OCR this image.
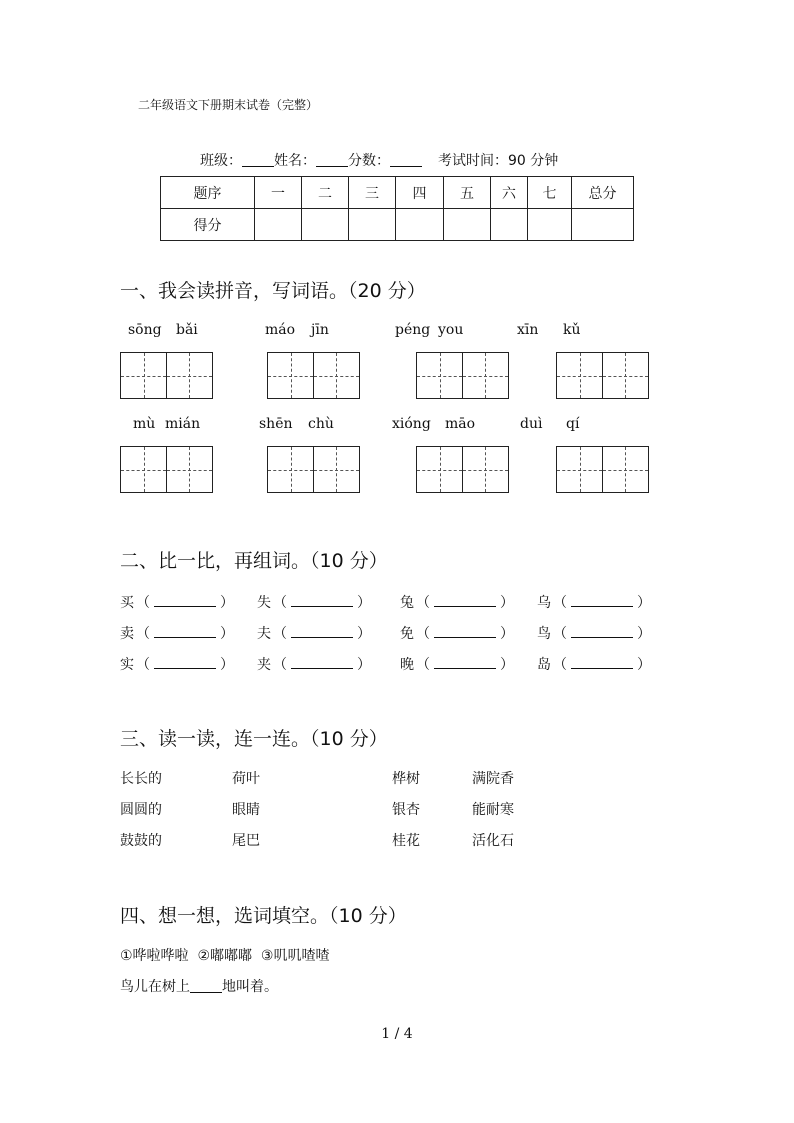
二年级语文下册期末试卷（完整）
班级： 姓名： 分数：	考试时间：90 分钟
题序	一	二	三	四	五	六	七	总分
得分								
一、我会读拼音，写词语。（20 分）
sōng bǎi	máo jīn	péng you	xīn kǔ
mù mián	shēn chù	xióng māo	duì qí
二、比一比，再组词。（10 分）
买 （	） 失 （	） 兔 （	） 乌 （	）
卖 （	） 夫 （	） 免 （	） 鸟 （	）
实 （	） 夹 （	） 晚 （	） 岛 （	）
三、读一读，连一连。（10 分）
长长的	荷叶	桦树	满院香
圆圆的	眼睛	银杏	能耐寒
鼓鼓的	尾巴	桂花	活化石
四、想一想，选词填空。（10 分）
①哗啦哗啦  ②嘟嘟嘟  ③叽叽喳喳
鸟儿在树上 地叫着。
1 / 4
